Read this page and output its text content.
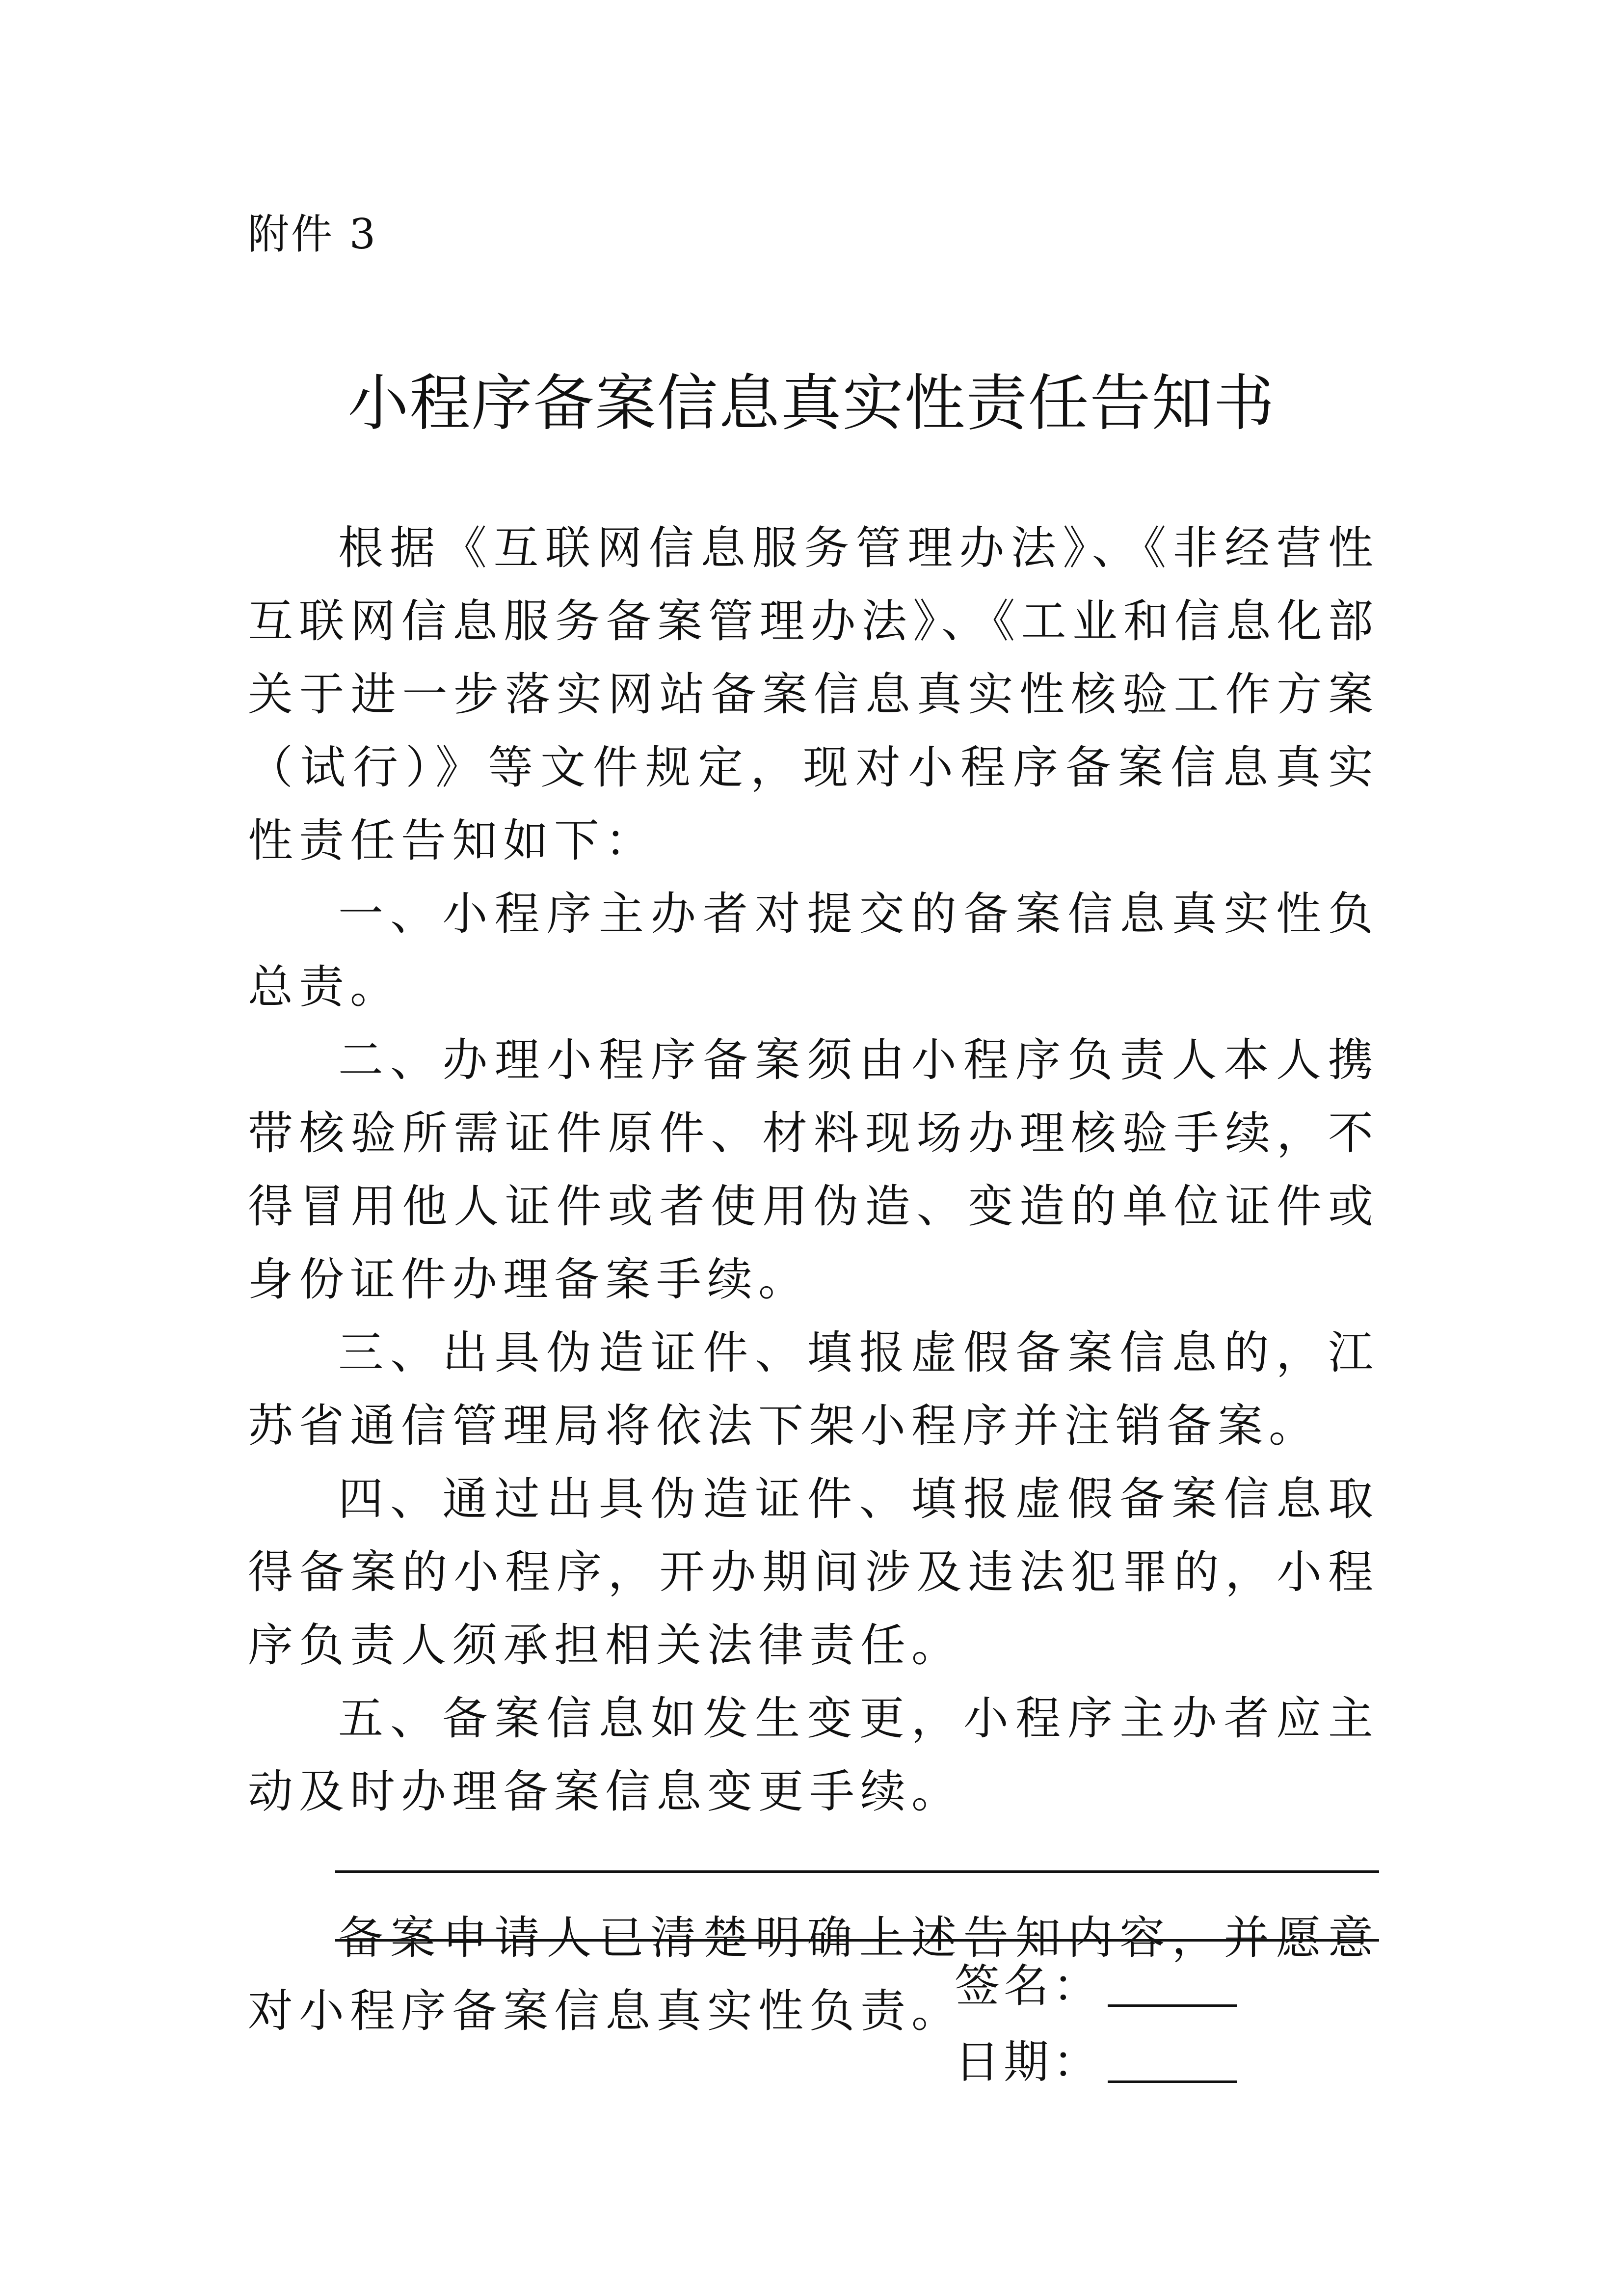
附件 3
小程序备案信息真实性责任告知书

根据《互联网信息服务管理办法》、《非经营性互联网信息服务备案管理办法》、《工业和信息化部关于进一步落实网站备案信息真实性核验工作方案（试行）》等文件规定，现对小程序备案信息真实性责任告知如下：

一、小程序主办者对提交的备案信息真实性负总责。

二、办理小程序备案须由小程序负责人本人携带核验所需证件原件、材料现场办理核验手续，不得冒用他人证件或者使用伪造、变造的单位证件或身份证件办理备案手续。

三、出具伪造证件、填报虚假备案信息的，江苏省通信管理局将依法下架小程序并注销备案。

四、通过出具伪造证件、填报虚假备案信息取得备案的小程序，开办期间涉及违法犯罪的，小程序负责人须承担相关法律责任。

五、备案信息如发生变更，小程序主办者应主动及时办理备案信息变更手续。

备案申请人已清楚明确上述告知内容，并愿意对小程序备案信息真实性负责。

签名：
日期：
